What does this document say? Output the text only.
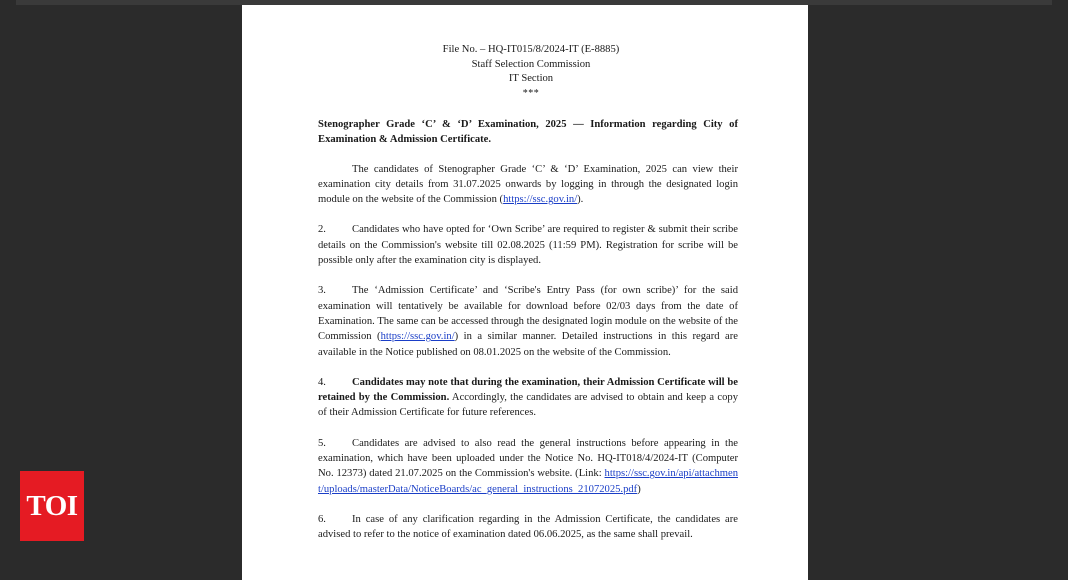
File No. – HQ-IT015/8/2024-IT (E-8885)
Staff Selection Commission
IT Section
***

Stenographer Grade ‘C’ & ‘D’ Examination, 2025 — Information regarding City of Examination & Admission Certificate.

The candidates of Stenographer Grade ‘C’ & ‘D’ Examination, 2025 can view their examination city details from 31.07.2025 onwards by logging in through the designated login module on the website of the Commission (https://ssc.gov.in/).

2. Candidates who have opted for ‘Own Scribe’ are required to register & submit their scribe details on the Commission's website till 02.08.2025 (11:59 PM). Registration for scribe will be possible only after the examination city is displayed.

3. The ‘Admission Certificate’ and ‘Scribe's Entry Pass (for own scribe)’ for the said examination will tentatively be available for download before 02/03 days from the date of Examination. The same can be accessed through the designated login module on the website of the Commission (https://ssc.gov.in/) in a similar manner. Detailed instructions in this regard are available in the Notice published on 08.01.2025 on the website of the Commission.

4. Candidates may note that during the examination, their Admission Certificate will be retained by the Commission. Accordingly, the candidates are advised to obtain and keep a copy of their Admission Certificate for future references.

5. Candidates are advised to also read the general instructions before appearing in the examination, which have been uploaded under the Notice No. HQ-IT018/4/2024-IT (Computer No. 12373) dated 21.07.2025 on the Commission's website. (Link: https://ssc.gov.in/api/attachment/uploads/masterData/NoticeBoards/ac_general_instructions_21072025.pdf)

6. In case of any clarification regarding in the Admission Certificate, the candidates are advised to refer to the notice of examination dated 06.06.2025, as the same shall prevail.

TOI
